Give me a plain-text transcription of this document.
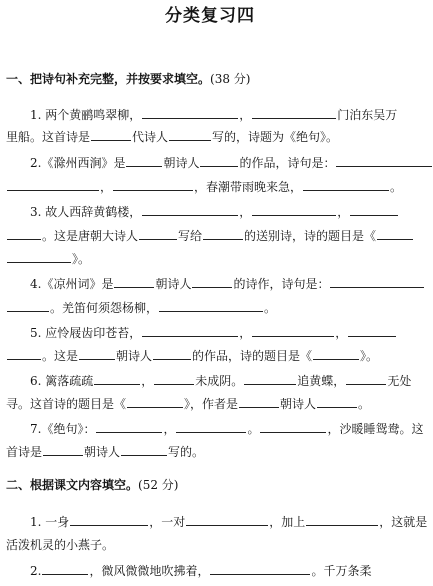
分类复习四
一、把诗句补充完整，并按要求填空。(38 分)
1. 两个黄鹂鸣翠柳，	，	门泊东吴万
里船。这首诗是	代诗人	写的，诗题为《绝句》。
2.《滁州西涧》是	朝诗人	的作品，诗句是：
，	，春潮带雨晚来急，	。
3. 故人西辞黄鹤楼，	，	，
。这是唐朝大诗人	写给	的送别诗，诗的题目是《
》。
4.《凉州词》是	朝诗人	的诗作，诗句是：
。羌笛何须怨杨柳，	。
5. 应怜屐齿印苍苔，	，	，
。这是	朝诗人	的作品，诗的题目是《	》。
6. 篱落疏疏	，	未成阴。	追黄蝶，	无处
寻。这首诗的题目是《	》，作者是	朝诗人	。
7.《绝句》：	，	。	，沙暖睡鸳鸯。这
首诗是	朝诗人	写的。
二、根据课文内容填空。(52 分)
1. 一身	，一对	，加上	，这就是
活泼机灵的小燕子。
2.	，微风微微地吹拂着，	。千万条柔
